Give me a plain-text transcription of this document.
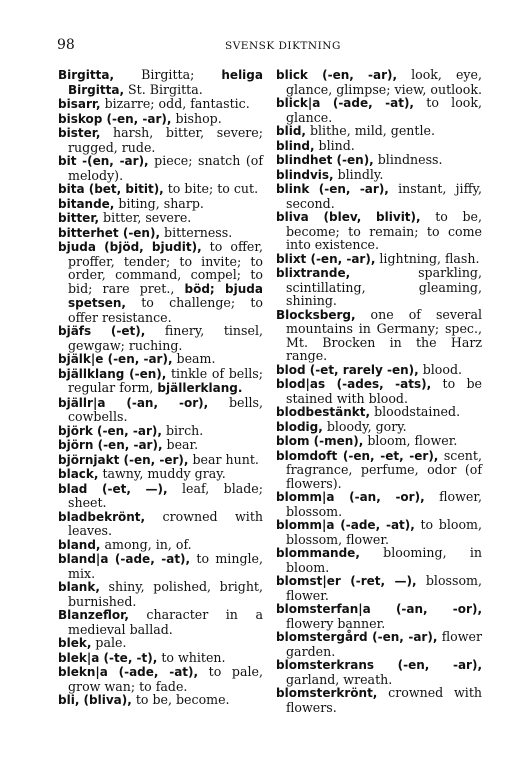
98	SVENSK DIKTNING

Birgitta, Birgitta; heliga Birgitta, St. Birgitta.

bisarr, bizarre; odd, fantastic.

biskop (-en, -ar), bishop.

bister, harsh, bitter, severe; rugged, rude.

bit -(en, -ar), piece; snatch (of melody).

bita (bet, bitit), to bite; to cut.

bitande, biting, sharp.

bitter, bitter, severe.

bitterhet (-en), bitterness.

bjuda (bjöd, bjudit), to offer, proffer, tender; to invite; to order, command, compel; to bid; rare pret., böd; bjuda spetsen, to challenge; to offer resistance.

bjäfs (-et), finery, tinsel, gewgaw; ruching.

bjälk|e (-en, -ar), beam.

bjällklang (-en), tinkle of bells; regular form, bjällerklang.

bjällr|a (-an, -or), bells, cowbells.

björk (-en, -ar), birch.

björn (-en, -ar), bear.

björnjakt (-en, -er), bear hunt.

black, tawny, muddy gray.

blad (-et, —), leaf, blade; sheet.

bladbekrönt, crowned with leaves.

bland, among, in, of.

bland|a (-ade, -at), to mingle, mix.

blank, shiny, polished, bright, burnished.

Blanzeflor, character in a medieval ballad.

blek, pale.

blek|a (-te, -t), to whiten.

blekn|a (-ade, -at), to pale, grow wan; to fade.

bli, (bliva), to be, become.

blick (-en, -ar), look, eye, glance, glimpse; view, outlook.

blick|a (-ade, -at), to look, glance.

blid, blithe, mild, gentle.

blind, blind.

blindhet (-en), blindness.

blindvis, blindly.

blink (-en, -ar), instant, jiffy, second.

bliva (blev, blivit), to be, become; to remain; to come into existence.

blixt (-en, -ar), lightning, flash.

blixtrande, sparkling, scintillating, gleaming, shining.

Blocksberg, one of several mountains in Germany; spec., Mt. Brocken in the Harz range.

blod (-et, rarely -en), blood.

blod|as (-ades, -ats), to be stained with blood.

blodbestänkt, bloodstained.

blodig, bloody, gory.

blom (-men), bloom, flower.

blomdoft (-en, -et, -er), scent, fragrance, perfume, odor (of flowers).

blomm|a (-an, -or), flower, blossom.

blomm|a (-ade, -at), to bloom, blossom, flower.

blommande, blooming, in bloom.

blomst|er (-ret, —), blossom, flower.

blomsterfan|a (-an, -or), flowery banner.

blomstergård (-en, -ar), flower garden.

blomsterkrans (-en, -ar), garland, wreath.

blomsterkrönt, crowned with flowers.
